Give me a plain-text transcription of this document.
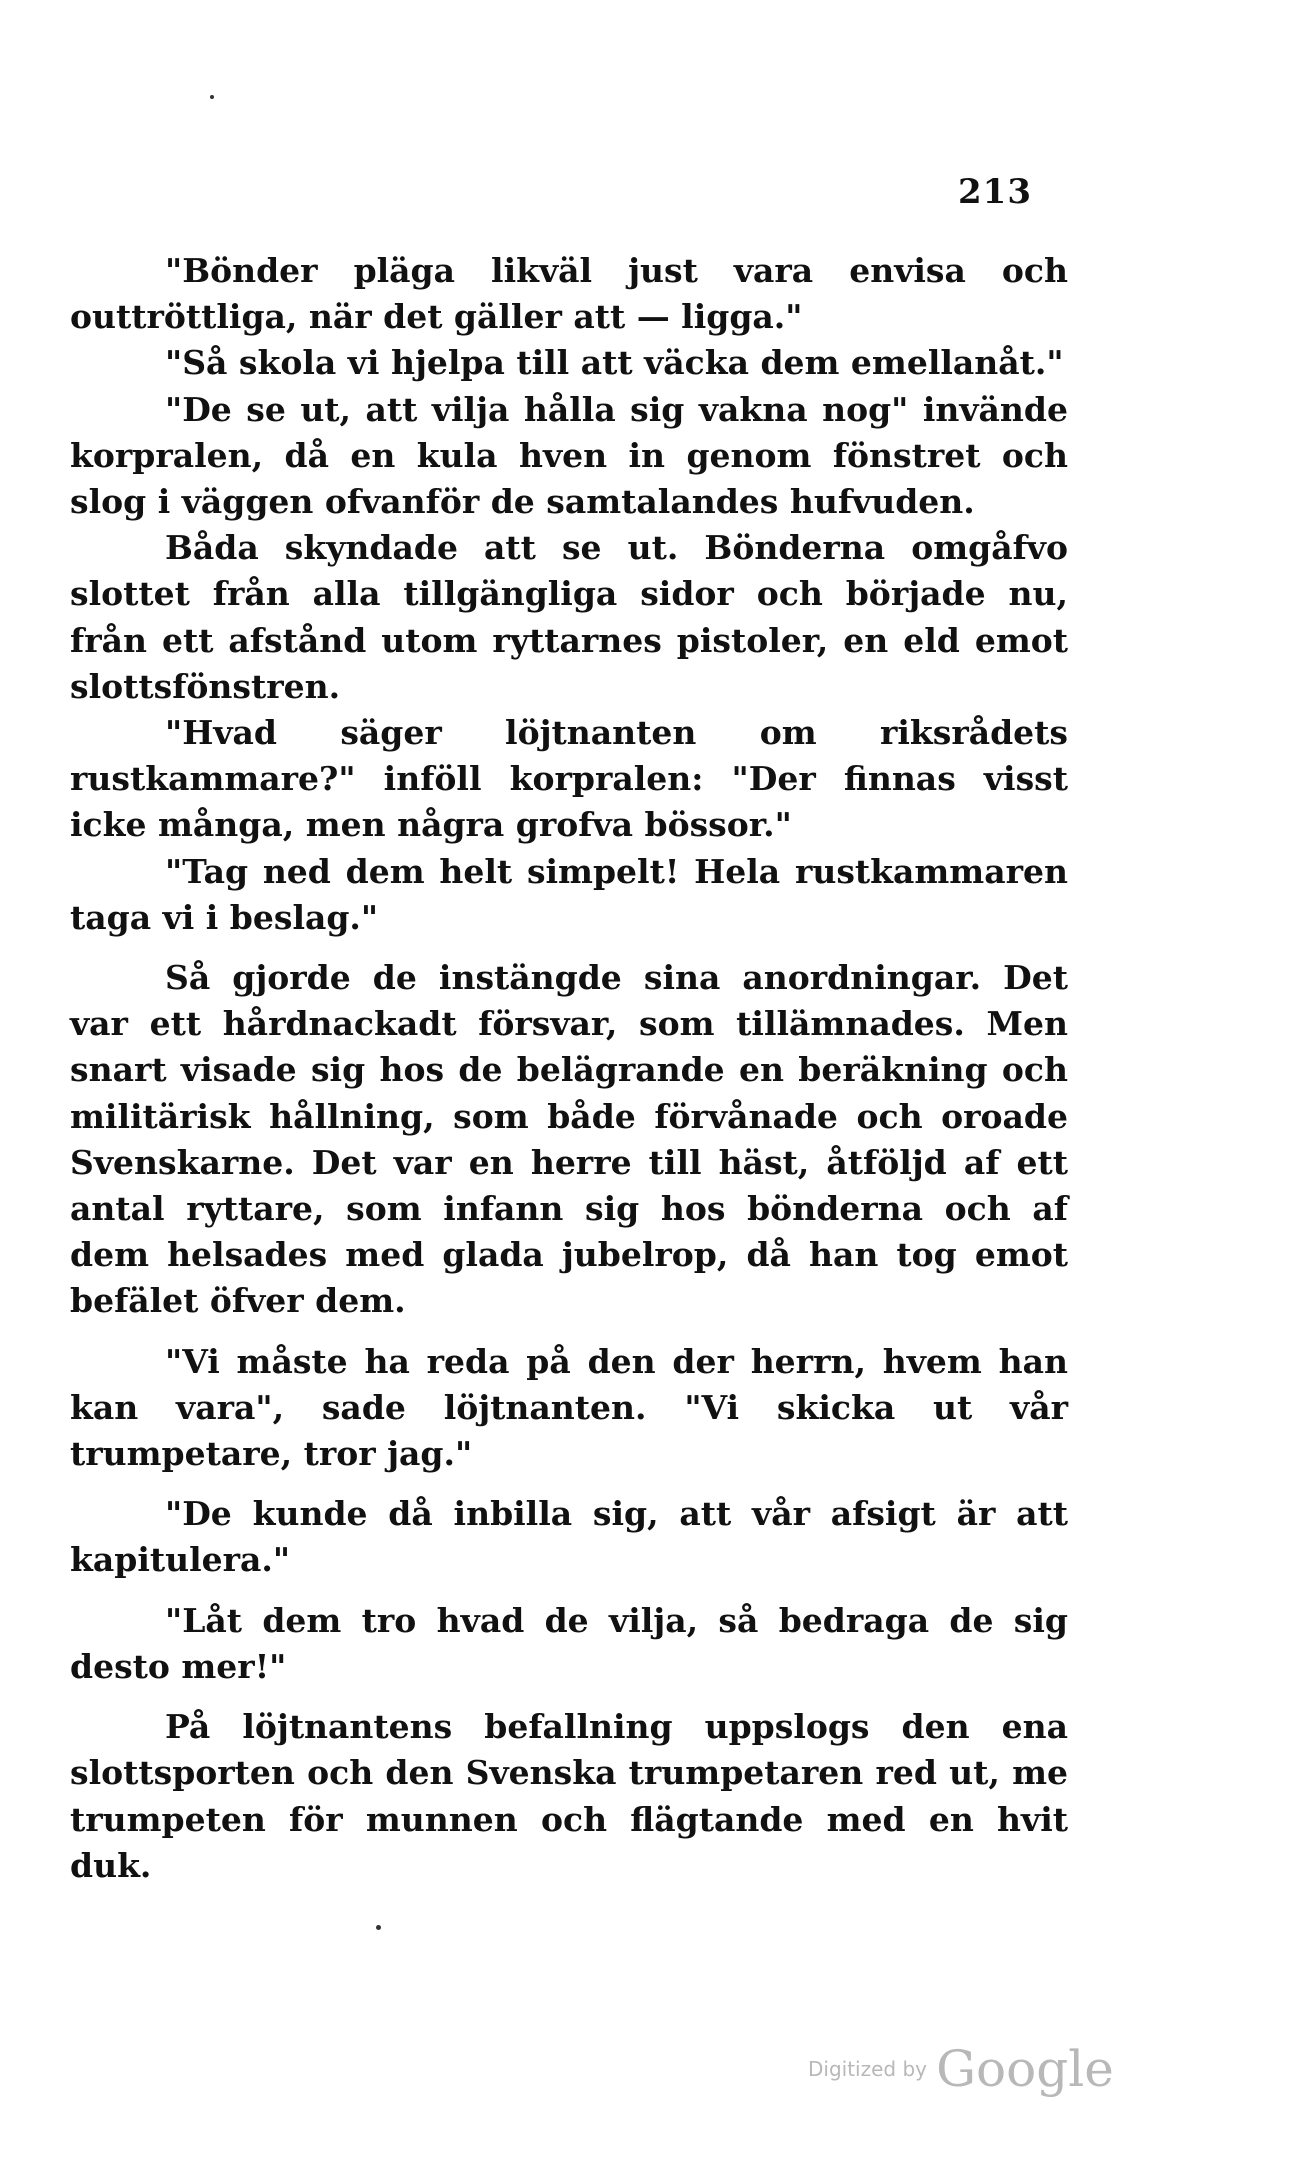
213

"Bönder pläga likväl just vara envisa och outtröttliga, när det gäller att — ligga."

"Så skola vi hjelpa till att väcka dem emellanåt."

"De se ut, att vilja hålla sig vakna nog" invände korpralen, då en kula hven in genom fönstret och slog i väggen ofvanför de samtalandes hufvuden.

Båda skyndade att se ut. Bönderna omgåfvo slottet från alla tillgängliga sidor och började nu, från ett afstånd utom ryttarnes pistoler, en eld emot slottsfönstren.

"Hvad säger löjtnanten om riksrådets rustkammare?" inföll korpralen: "Der finnas visst icke många, men några grofva bössor."

"Tag ned dem helt simpelt! Hela rustkammaren taga vi i beslag."

Så gjorde de instängde sina anordningar. Det var ett hårdnackadt försvar, som tillämnades. Men snart visade sig hos de belägrande en beräkning och militärisk hållning, som både förvånade och oroade Svenskarne. Det var en herre till häst, åtföljd af ett antal ryttare, som infann sig hos bönderna och af dem helsades med glada jubelrop, då han tog emot befälet öfver dem.

"Vi måste ha reda på den der herrn, hvem han kan vara", sade löjtnanten. "Vi skicka ut vår trumpetare, tror jag."

"De kunde då inbilla sig, att vår afsigt är att kapitulera."

"Låt dem tro hvad de vilja, så bedraga de sig desto mer!"

På löjtnantens befallning uppslogs den ena slottsporten och den Svenska trumpetaren red ut, me trumpeten för munnen och flägtande med en hvit duk.

Digitized by Google
